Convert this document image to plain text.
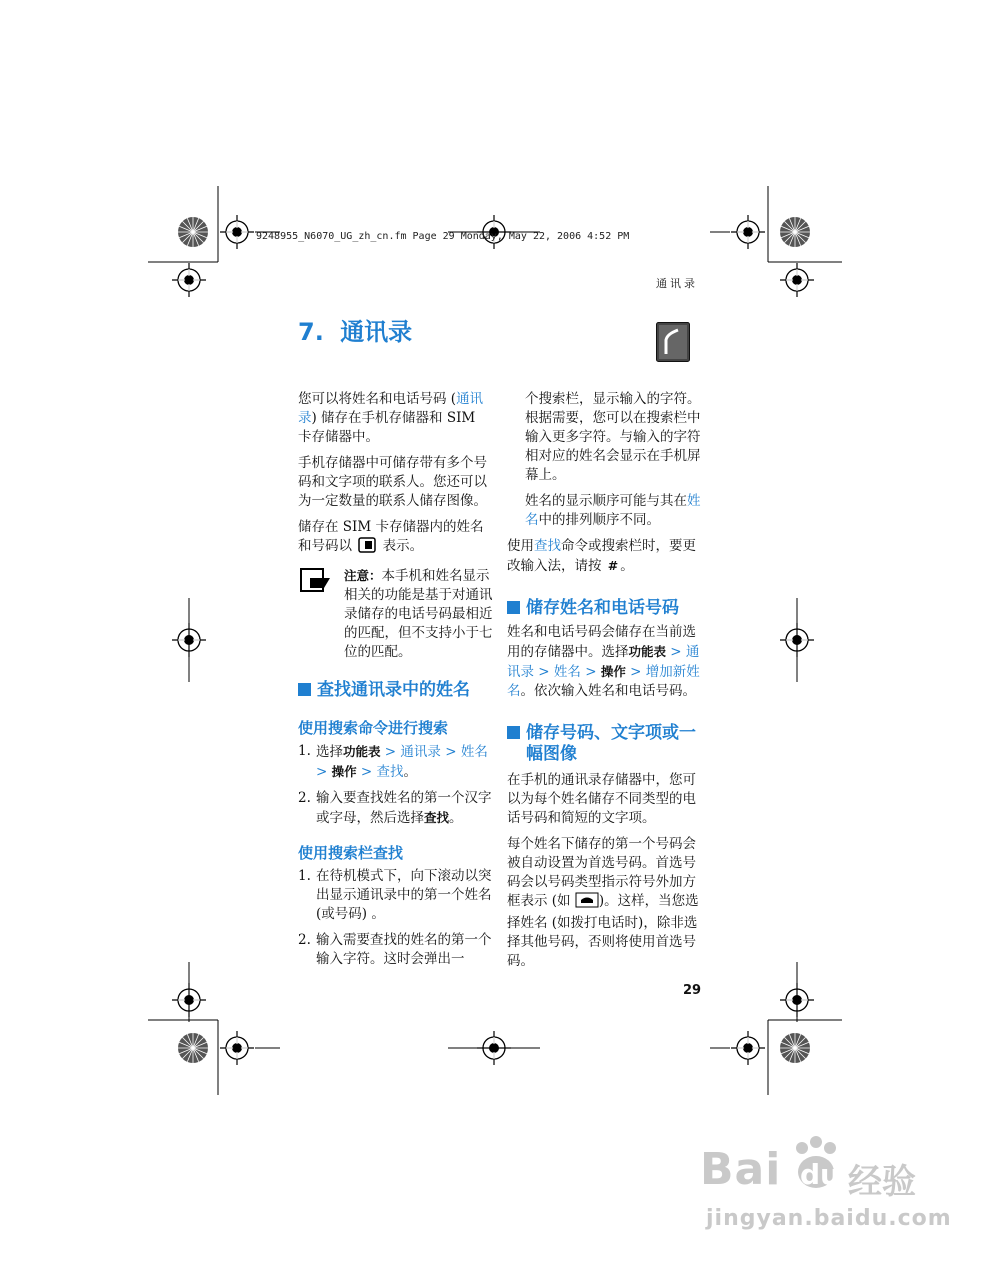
9248955_N6070_UG_zh_cn.fm Page 29 Monday, May 22, 2006 4:52 PM
通讯录
7. 通讯录

您可以将姓名和电话号码 (通讯录) 储存在手机存储器和 SIM 卡存储器中。

手机存储器中可储存带有多个号码和文字项的联系人。您还可以为一定数量的联系人储存图像。

储存在 SIM 卡存储器内的姓名和号码以 表示。

注意：本手机和姓名显示相关的功能是基于对通讯录储存的电话号码最相近的匹配，但不支持小于七位的匹配。
查找通讯录中的姓名
使用搜索命令进行搜索
1. 选择功能表 > 通讯录 > 姓名 > 操作 > 查找。
2. 输入要查找姓名的第一个汉字或字母，然后选择查找。
使用搜索栏查找
1. 在待机模式下，向下滚动以突出显示通讯录中的第一个姓名 (或号码) 。
2. 输入需要查找的姓名的第一个输入字符。这时会弹出一

个搜索栏，显示输入的字符。根据需要，您可以在搜索栏中输入更多字符。与输入的字符相对应的姓名会显示在手机屏幕上。

姓名的显示顺序可能与其在姓名中的排列顺序不同。

使用查找命令或搜索栏时，要更改输入法，请按 # 。

储存姓名和电话号码

姓名和电话号码会储存在当前选用的存储器中。选择功能表 > 通讯录 > 姓名 > 操作 > 增加新姓名。依次输入姓名和电话号码。

储存号码、文字项或一幅图像

在手机的通讯录存储器中，您可以为每个姓名储存不同类型的电话号码和简短的文字项。

每个姓名下储存的第一个号码会被自动设置为首选号码。首选号码会以号码类型指示符号外加方框表示 (如 )。这样，当您选择姓名 (如拨打电话时)，除非选择其他号码，否则将使用首选号码。

29
Bai du 经验
jingyan.baidu.com
